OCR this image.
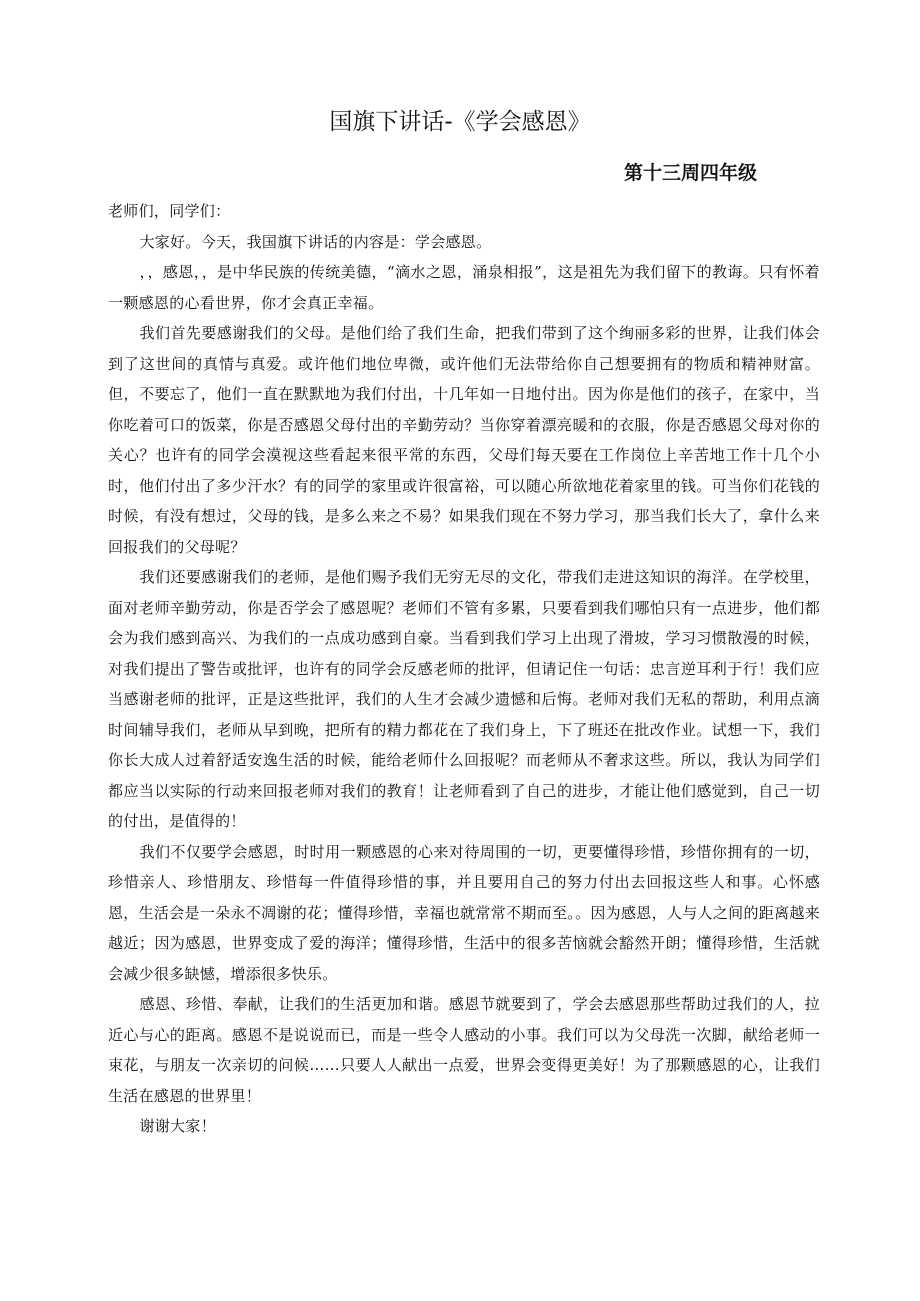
国旗下讲话-《学会感恩》
第十三周四年级

老师们，同学们：

大家好。今天，我国旗下讲话的内容是：学会感恩。

，，感恩，，是中华民族的传统美德，“滴水之恩，涌泉相报”，这是祖先为我们留下的教诲。只有怀着一颗感恩的心看世界，你才会真正幸福。

我们首先要感谢我们的父母。是他们给了我们生命，把我们带到了这个绚丽多彩的世界，让我们体会到了这世间的真情与真爱。或许他们地位卑微，或许他们无法带给你自己想要拥有的物质和精神财富。但，不要忘了，他们一直在默默地为我们付出，十几年如一日地付出。因为你是他们的孩子，在家中，当你吃着可口的饭菜，你是否感恩父母付出的辛勤劳动？当你穿着漂亮暖和的衣服，你是否感恩父母对你的关心？也许有的同学会漠视这些看起来很平常的东西，父母们每天要在工作岗位上辛苦地工作十几个小时，他们付出了多少汗水？有的同学的家里或许很富裕，可以随心所欲地花着家里的钱。可当你们花钱的时候，有没有想过，父母的钱，是多么来之不易？如果我们现在不努力学习，那当我们长大了，拿什么来回报我们的父母呢？

我们还要感谢我们的老师，是他们赐予我们无穷无尽的文化，带我们走进这知识的海洋。在学校里，面对老师辛勤劳动，你是否学会了感恩呢？老师们不管有多累，只要看到我们哪怕只有一点进步，他们都会为我们感到高兴、为我们的一点成功感到自豪。当看到我们学习上出现了滑坡，学习习惯散漫的时候，对我们提出了警告或批评，也许有的同学会反感老师的批评，但请记住一句话：忠言逆耳利于行！我们应当感谢老师的批评，正是这些批评，我们的人生才会减少遗憾和后悔。老师对我们无私的帮助，利用点滴时间辅导我们，老师从早到晚，把所有的精力都花在了我们身上，下了班还在批改作业。试想一下，我们你长大成人过着舒适安逸生活的时候，能给老师什么回报呢？而老师从不奢求这些。所以，我认为同学们都应当以实际的行动来回报老师对我们的教育！让老师看到了自己的进步，才能让他们感觉到，自己一切的付出，是值得的！

我们不仅要学会感恩，时时用一颗感恩的心来对待周围的一切，更要懂得珍惜，珍惜你拥有的一切，珍惜亲人、珍惜朋友、珍惜每一件值得珍惜的事，并且要用自己的努力付出去回报这些人和事。心怀感恩，生活会是一朵永不凋谢的花；懂得珍惜，幸福也就常常不期而至。。因为感恩，人与人之间的距离越来越近；因为感恩，世界变成了爱的海洋；懂得珍惜，生活中的很多苦恼就会豁然开朗；懂得珍惜，生活就会减少很多缺憾，增添很多快乐。

感恩、珍惜、奉献，让我们的生活更加和谐。感恩节就要到了，学会去感恩那些帮助过我们的人，拉近心与心的距离。感恩不是说说而已，而是一些令人感动的小事。我们可以为父母洗一次脚，献给老师一束花，与朋友一次亲切的问候……只要人人献出一点爱，世界会变得更美好！为了那颗感恩的心，让我们生活在感恩的世界里！

谢谢大家！
